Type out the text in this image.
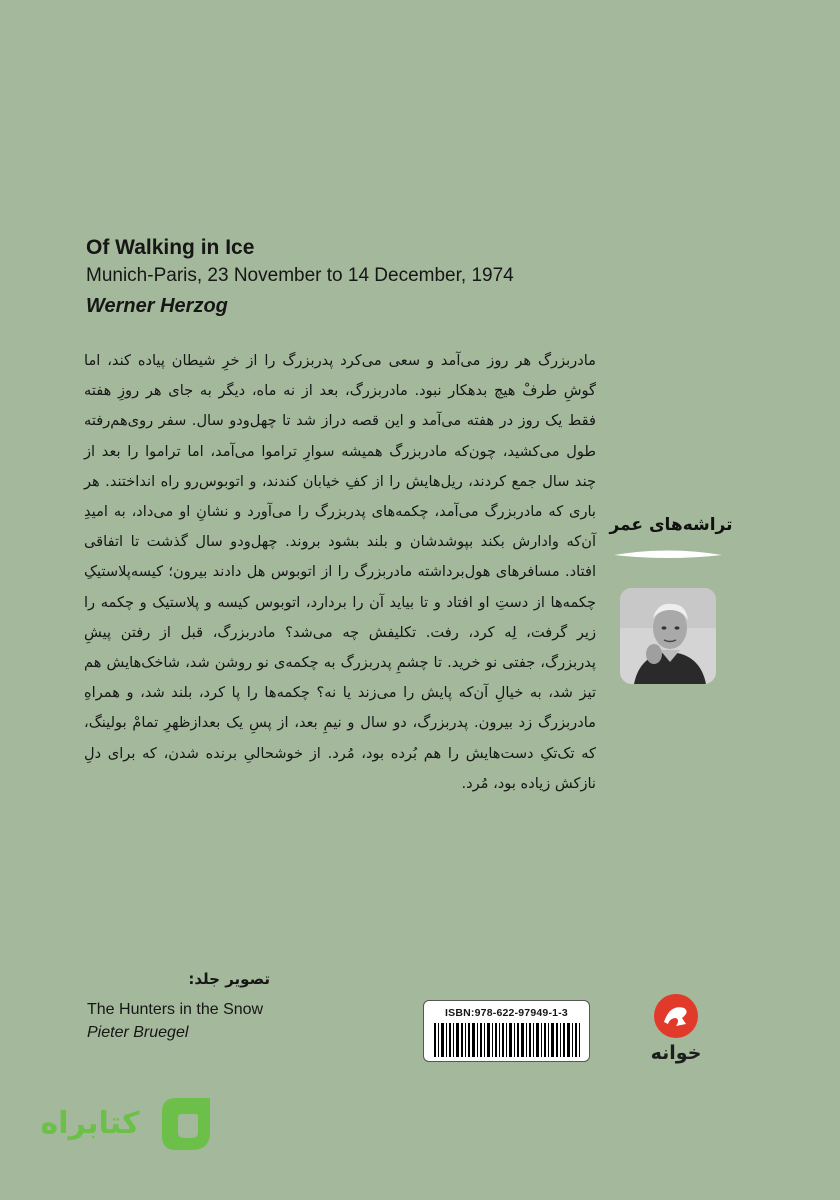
Of Walking in Ice

Munich-Paris, 23 November to 14 December, 1974

Werner Herzog

مادربزرگ هر روز می‌آمد و سعی می‌کرد پدربزرگ را از خرِ شیطان پیاده کند، اما گوشِ طرفْ هیچ بدهکار نبود. مادربزرگ، بعد از نه ماه، دیگر به جای هر روزِ هفته فقط یک روز در هفته می‌آمد و این قصه دراز شد تا چهل‌ودو سال. سفر روی‌هم‌رفته طول می‌کشید، چون‌که مادربزرگ همیشه سوارِ تراموا می‌آمد، اما تراموا را بعد از چند سال جمع کردند، ریل‌هایش را از کفِ خیابان کندند، و اتوبوس‌رو راه انداختند. هر باری که مادربزرگ می‌آمد، چکمه‌های پدربزرگ را می‌آورد و نشانِ او می‌داد، به امیدِ آن‌که وادارش بکند بپوشدشان و بلند بشود بروند. چهل‌ودو سال گذشت تا اتفاقی افتاد. مسافرهای هول‌برداشته مادربزرگ را از اتوبوس هل دادند بیرون؛ کیسه‌پلاستیکِ چکمه‌ها از دستِ او افتاد و تا بیاید آن را بردارد، اتوبوس کیسه و پلاستیک و چکمه را زیر گرفت، لِه کرد، رفت. تکلیفش چه می‌شد؟ مادربزرگ، قبل از رفتن پیشِ پدربزرگ، جفتی نو خرید. تا چشمِ پدربزرگ به چکمه‌ی نو روشن شد، شاخک‌هایش هم تیز شد، به خیالِ آن‌که پایش را می‌زند یا نه؟ چکمه‌ها را پا کرد، بلند شد، و همراهِ مادربزرگ زد بیرون. پدربزرگ، دو سال و نیمِ بعد، از پسِ یک بعدازظهرِ تمامْ بولینگ، که تک‌تکِ دست‌هایش را هم بُرده بود، مُرد. از خوشحالیِ برنده شدن، که برای دلِ نازکش زیاده بود، مُرد.

تراشه‌های عمر
تصویر جلد:
The Hunters in the Snow
Pieter Bruegel
ISBN:978-622-97949-1-3
خوانه
کتابراه
